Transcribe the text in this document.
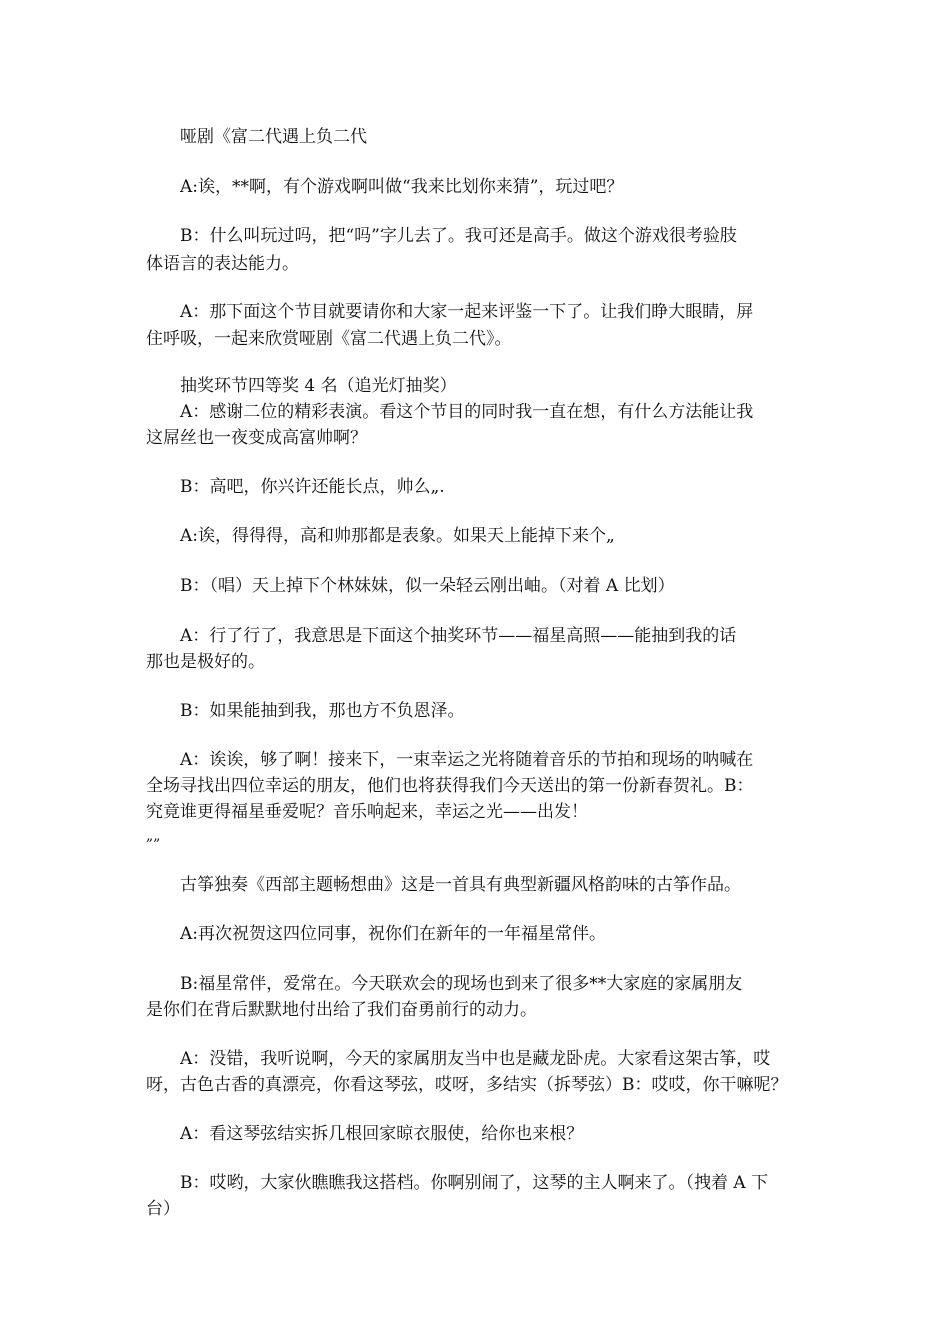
哑剧《富二代遇上负二代

A:诶，**啊，有个游戏啊叫做“我来比划你来猜”，玩过吧？

B：什么叫玩过吗，把“吗”字儿去了。我可还是高手。做这个游戏很考验肢

体语言的表达能力。

A：那下面这个节目就要请你和大家一起来评鉴一下了。让我们睁大眼睛，屏

住呼吸，一起来欣赏哑剧《富二代遇上负二代》。

抽奖环节四等奖 4 名（追光灯抽奖）

A：感谢二位的精彩表演。看这个节目的同时我一直在想，有什么方法能让我

这屌丝也一夜变成高富帅啊？

B：高吧，你兴许还能长点，帅么„.

A:诶，得得得，高和帅那都是表象。如果天上能掉下来个„

B：（唱）天上掉下个林妹妹，似一朵轻云刚出岫。（对着 A 比划）

A：行了行了，我意思是下面这个抽奖环节——福星高照——能抽到我的话

那也是极好的。

B：如果能抽到我，那也方不负恩泽。

A：诶诶，够了啊！接来下，一束幸运之光将随着音乐的节拍和现场的呐喊在

全场寻找出四位幸运的朋友，他们也将获得我们今天送出的第一份新春贺礼。B：

究竟谁更得福星垂爱呢？音乐响起来，幸运之光——出发！

„„

古筝独奏《西部主题畅想曲》这是一首具有典型新疆风格韵味的古筝作品。

A:再次祝贺这四位同事，祝你们在新年的一年福星常伴。

B:福星常伴，爱常在。今天联欢会的现场也到来了很多**大家庭的家属朋友

是你们在背后默默地付出给了我们奋勇前行的动力。

A：没错，我听说啊，今天的家属朋友当中也是藏龙卧虎。大家看这架古筝，哎

呀，古色古香的真漂亮，你看这琴弦，哎呀，多结实（拆琴弦）B：哎哎，你干嘛呢？

A：看这琴弦结实拆几根回家晾衣服使，给你也来根？

B：哎哟，大家伙瞧瞧我这搭档。你啊别闹了，这琴的主人啊来了。（拽着 A 下

台）
